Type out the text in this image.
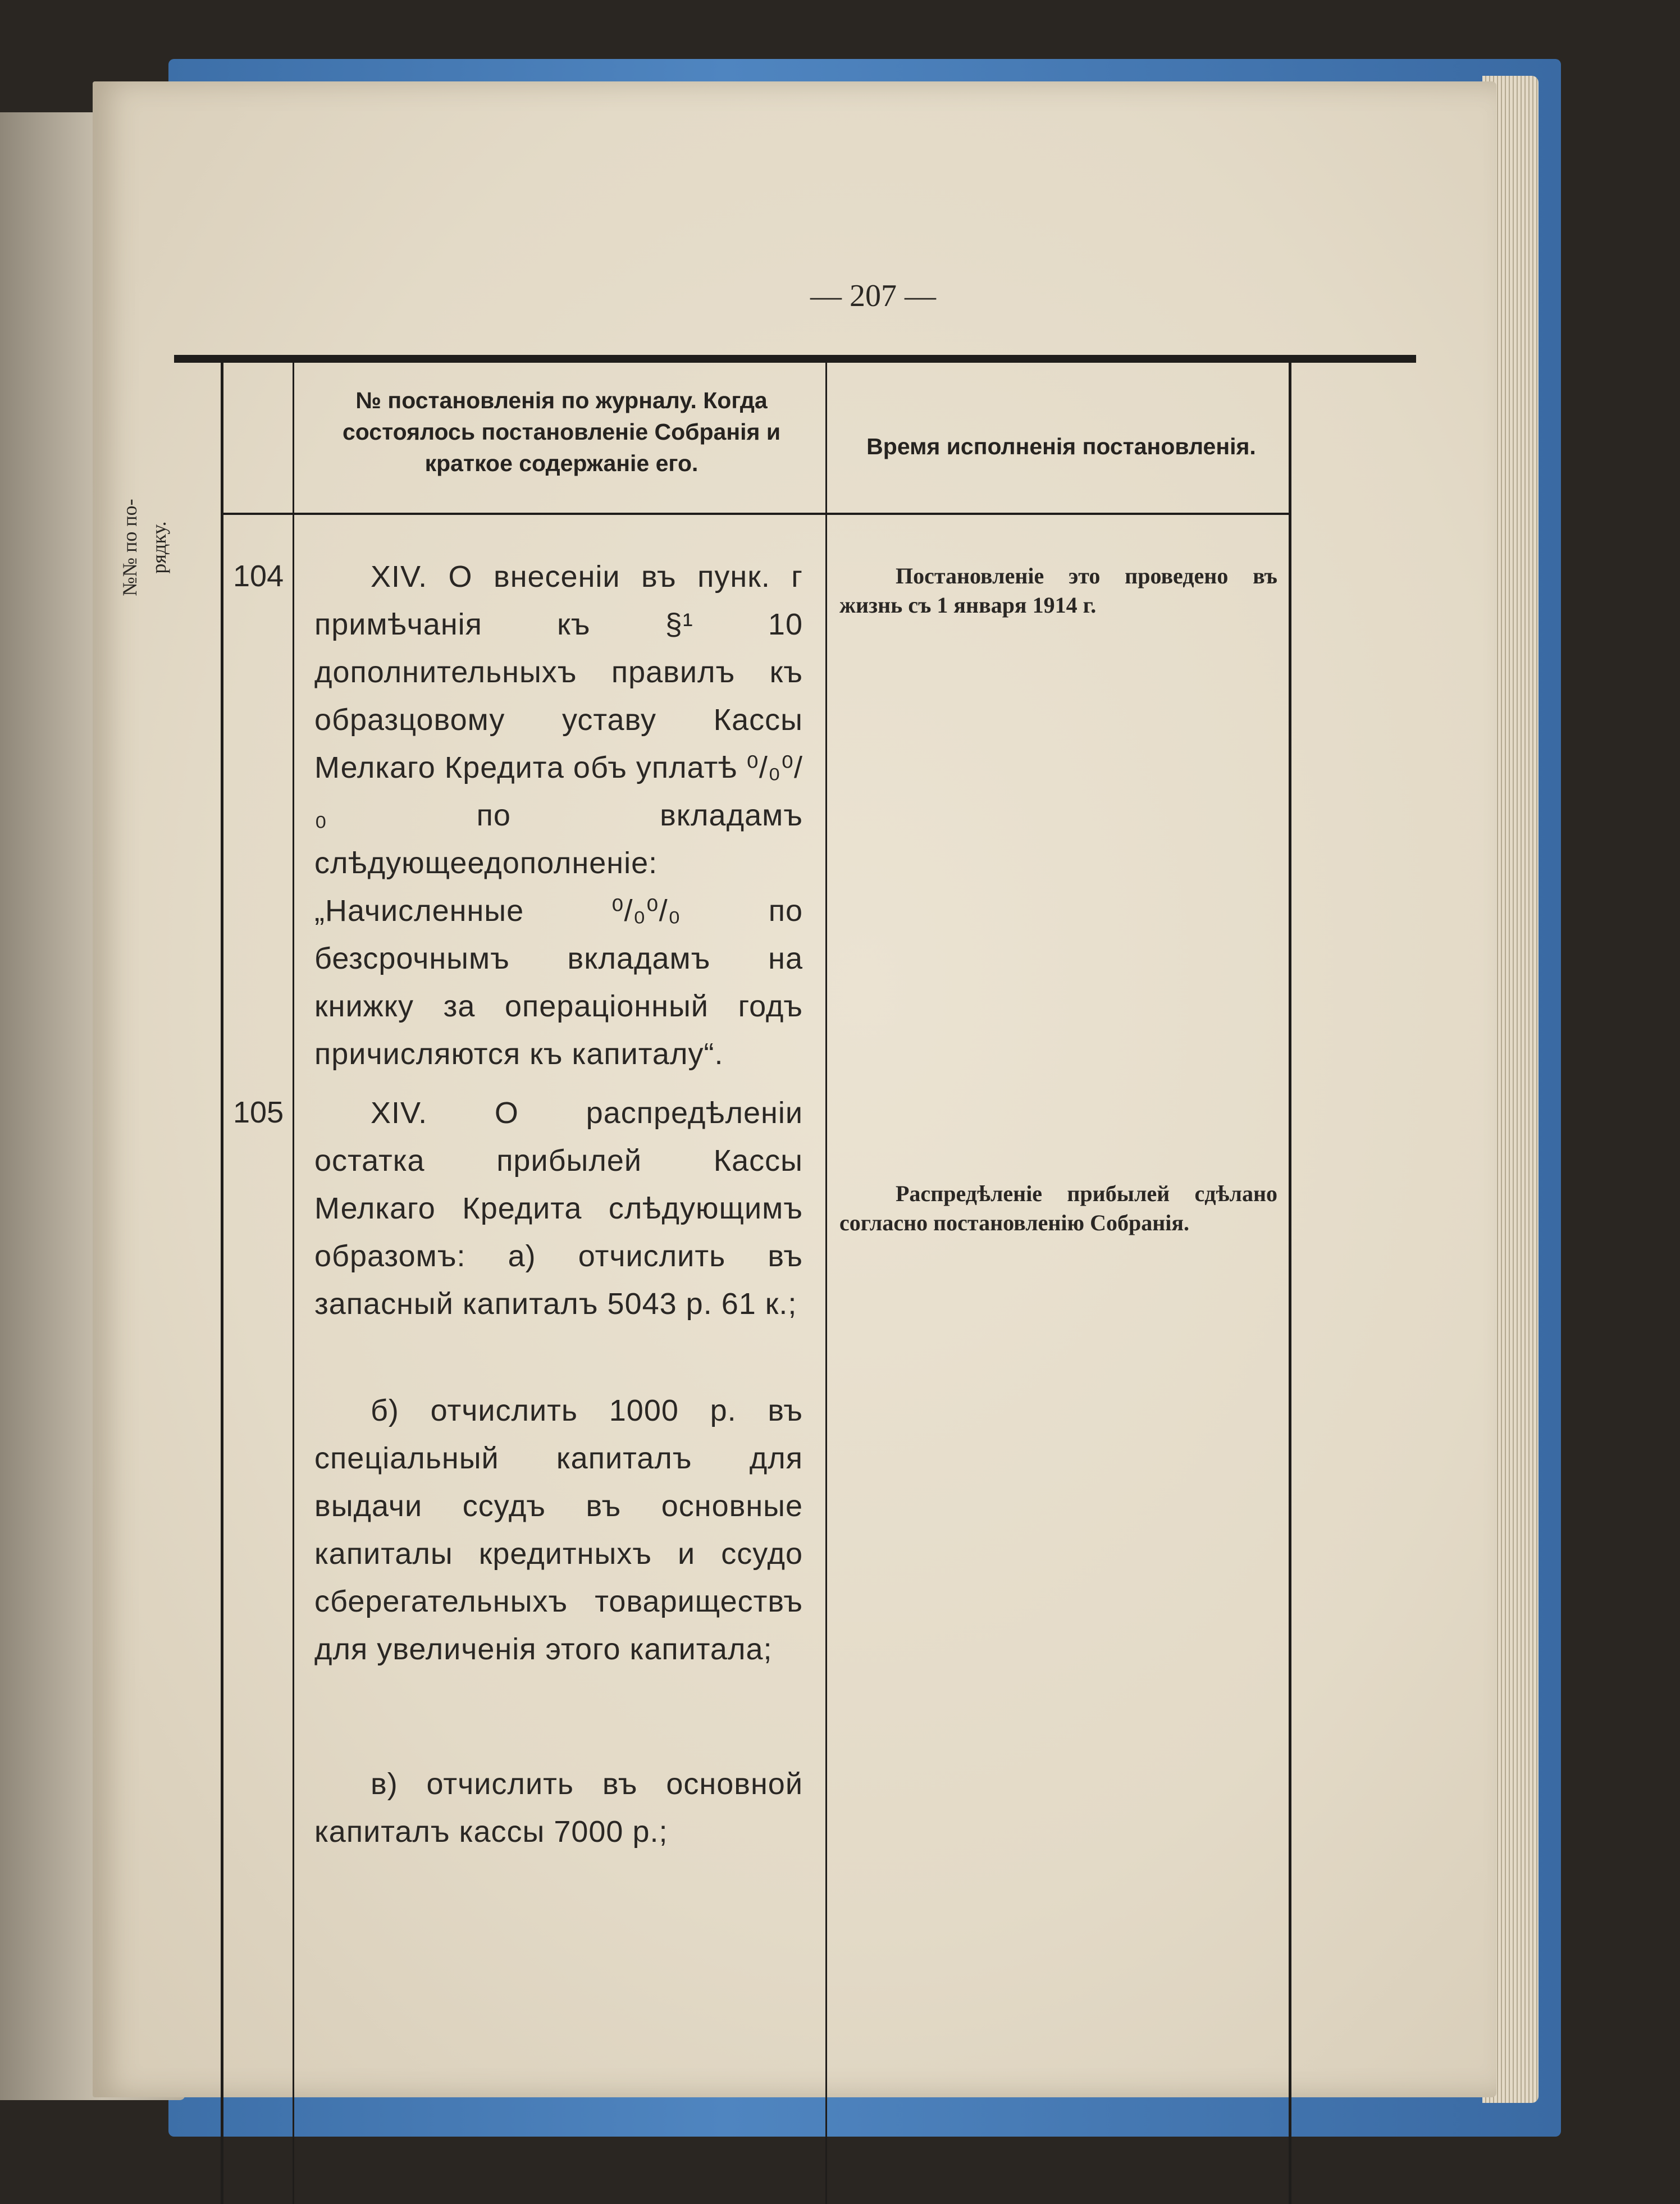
— 207 —
№№ по по-
рядку.
№ постановленія по журналу. Когда состоялось постановленіе Собранія и краткое содержаніе его.
Время исполненія постановленія.
104	XIV. О внесеніи въ пунк. г примѣчанія къ §¹ 10 дополнительныхъ правилъ къ образцовому уставу Кассы Мелкаго Кредита объ уплатѣ ⁰/₀⁰/₀ по вкладамъ слѣдующеедополненіе: „Начисленные ⁰/₀⁰/₀ по безсрочнымъ вкладамъ на книжку за операціонный годъ причисляются къ капиталу“.
Постановленіе это проведено въ жизнь съ 1 января 1914 г.
105	XIV. О распредѣленіи остатка прибылей Кассы Мелкаго Кредита слѣдующимъ образомъ: а) отчислить въ запасный капиталъ 5043 р. 61 к.;
б) отчислить 1000 р. въ спеціальный капиталъ для выдачи ссудъ въ основные капиталы кредитныхъ и ссудо сберегательныхъ товариществъ для увеличенія этого капитала;
в) отчислить въ основной капиталъ кассы 7000 р.;
Распредѣленіе прибылей сдѣлано согласно постановленію Собранія.
